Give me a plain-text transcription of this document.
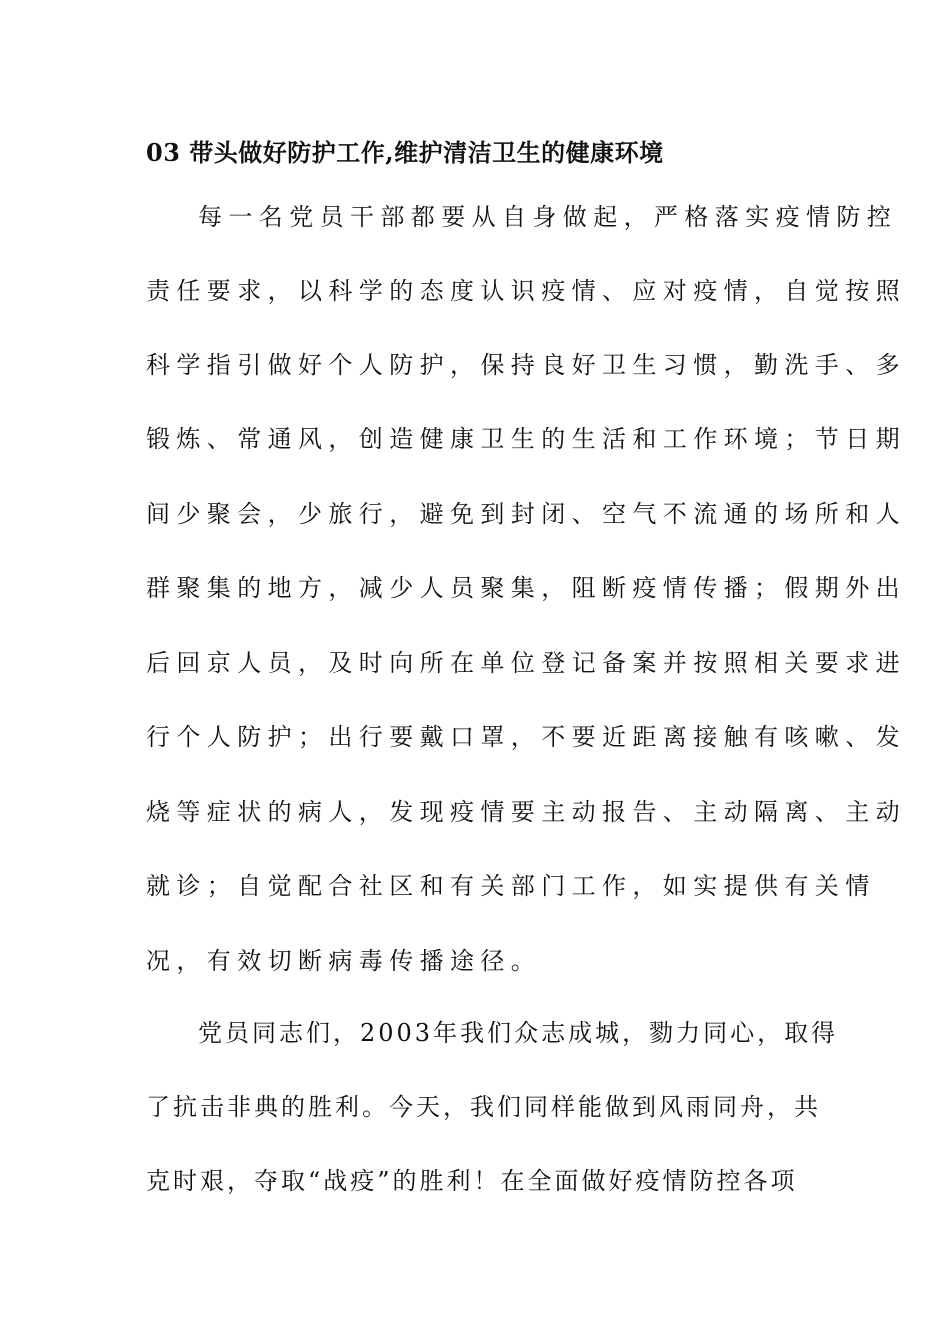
03 带头做好防护工作,维护清洁卫生的健康环境
每一名党员干部都要从自身做起，严格落实疫情防控
责任要求，以科学的态度认识疫情、应对疫情，自觉按照
科学指引做好个人防护，保持良好卫生习惯，勤洗手、多
锻炼、常通风，创造健康卫生的生活和工作环境；节日期
间少聚会，少旅行，避免到封闭、空气不流通的场所和人
群聚集的地方，减少人员聚集，阻断疫情传播；假期外出
后回京人员，及时向所在单位登记备案并按照相关要求进
行个人防护；出行要戴口罩，不要近距离接触有咳嗽、发
烧等症状的病人，发现疫情要主动报告、主动隔离、主动
就诊；自觉配合社区和有关部门工作，如实提供有关情
况，有效切断病毒传播途径。
党员同志们，2003年我们众志成城，勠力同心，取得
了抗击非典的胜利。今天，我们同样能做到风雨同舟，共
克时艰，夺取“战疫”的胜利！在全面做好疫情防控各项
